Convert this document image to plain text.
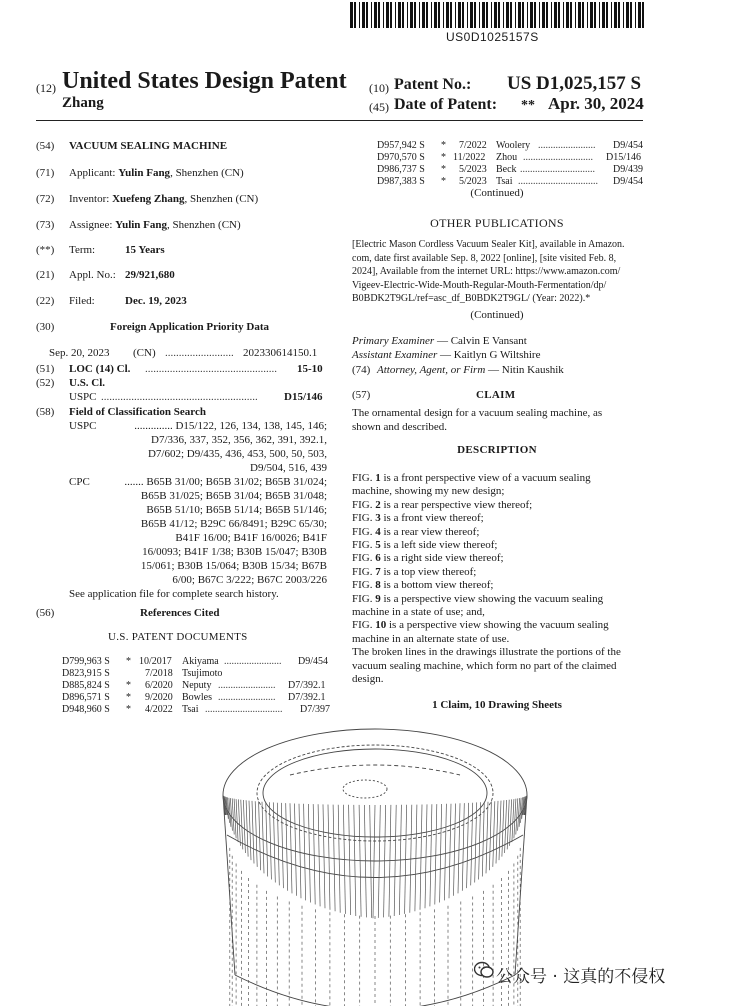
US0D1025157S
(12) United States Design Patent
Zhang
(10) Patent No.: US D1,025,157 S
(45) Date of Patent: ** Apr. 30, 2024
(54) VACUUM SEALING MACHINE
(71) Applicant: Yulin Fang, Shenzhen (CN)
(72) Inventor: Xuefeng Zhang, Shenzhen (CN)
(73) Assignee: Yulin Fang, Shenzhen (CN)
(**) Term:	15 Years
(21) Appl. No.: 29/921,680
(22) Filed:	Dec. 19, 2023
(30)	Foreign Application Priority Data
Sep. 20, 2023 (CN) ......................... 202330614150.1
(51) LOC (14) Cl. ................................................ 15-10
(52) U.S. Cl.
USPC ......................................................... D15/146
(58) Field of Classification Search
USPC	.............. D15/122, 126, 134, 138, 145, 146;
D7/336, 337, 352, 356, 362, 391, 392.1,
D7/602; D9/435, 436, 453, 500, 50, 503,
D9/504, 516, 439
CPC	....... B65B 31/00; B65B 31/02; B65B 31/024;
B65B 31/025; B65B 31/04; B65B 31/048;
B65B 51/10; B65B 51/14; B65B 51/146;
B65B 41/12; B29C 66/8491; B29C 65/30;
B41F 16/00; B41F 16/0026; B41F
16/0093; B41F 1/38; B30B 15/047; B30B
15/061; B30B 15/064; B30B 15/34; B67B
6/00; B67C 3/222; B67C 2003/226
See application file for complete search history.
(56)	References Cited
U.S. PATENT DOCUMENTS
D799,963 S * 10/2017 Akiyama ....................... D9/454
D823,915 S	7/2018 Tsujimoto
D885,824 S * 6/2020 Neputy ....................... D7/392.1
D896,571 S * 9/2020 Bowles ....................... D7/392.1
D948,960 S * 4/2022 Tsai ............................... D7/397
D957,942 S * 7/2022 Woolery ....................... D9/454
D970,570 S * 11/2022 Zhou ............................ D15/146
D986,737 S * 5/2023 Beck .............................. D9/439
D987,383 S * 5/2023 Tsai ................................ D9/454
(Continued)
OTHER PUBLICATIONS
[Electric Mason Cordless Vacuum Sealer Kit], available in Amazon.
com, date first available Sep. 8, 2022 [online], [site visited Feb. 8,
2024], Available from the internet URL: https://www.amazon.com/
Vigeev-Electric-Wide-Mouth-Regular-Mouth-Fermentation/dp/
B0BDK2T9GL/ref=asc_df_B0BDK2T9GL/ (Year: 2022).*
(Continued)
Primary Examiner — Calvin E Vansant
Assistant Examiner — Kaitlyn G Wiltshire
(74) Attorney, Agent, or Firm — Nitin Kaushik
(57)	CLAIM
The ornamental design for a vacuum sealing machine, as
shown and described.
DESCRIPTION
FIG. 1 is a front perspective view of a vacuum sealing
machine, showing my new design;
FIG. 2 is a rear perspective view thereof;
FIG. 3 is a front view thereof;
FIG. 4 is a rear view thereof;
FIG. 5 is a left side view thereof;
FIG. 6 is a right side view thereof;
FIG. 7 is a top view thereof;
FIG. 8 is a bottom view thereof;
FIG. 9 is a perspective view showing the vacuum sealing
machine in a state of use; and,
FIG. 10 is a perspective view showing the vacuum sealing
machine in an alternate state of use.
The broken lines in the drawings illustrate the portions of the
vacuum sealing machine, which form no part of the claimed
design.
1 Claim, 10 Drawing Sheets
公众号 · 这真的不侵权
